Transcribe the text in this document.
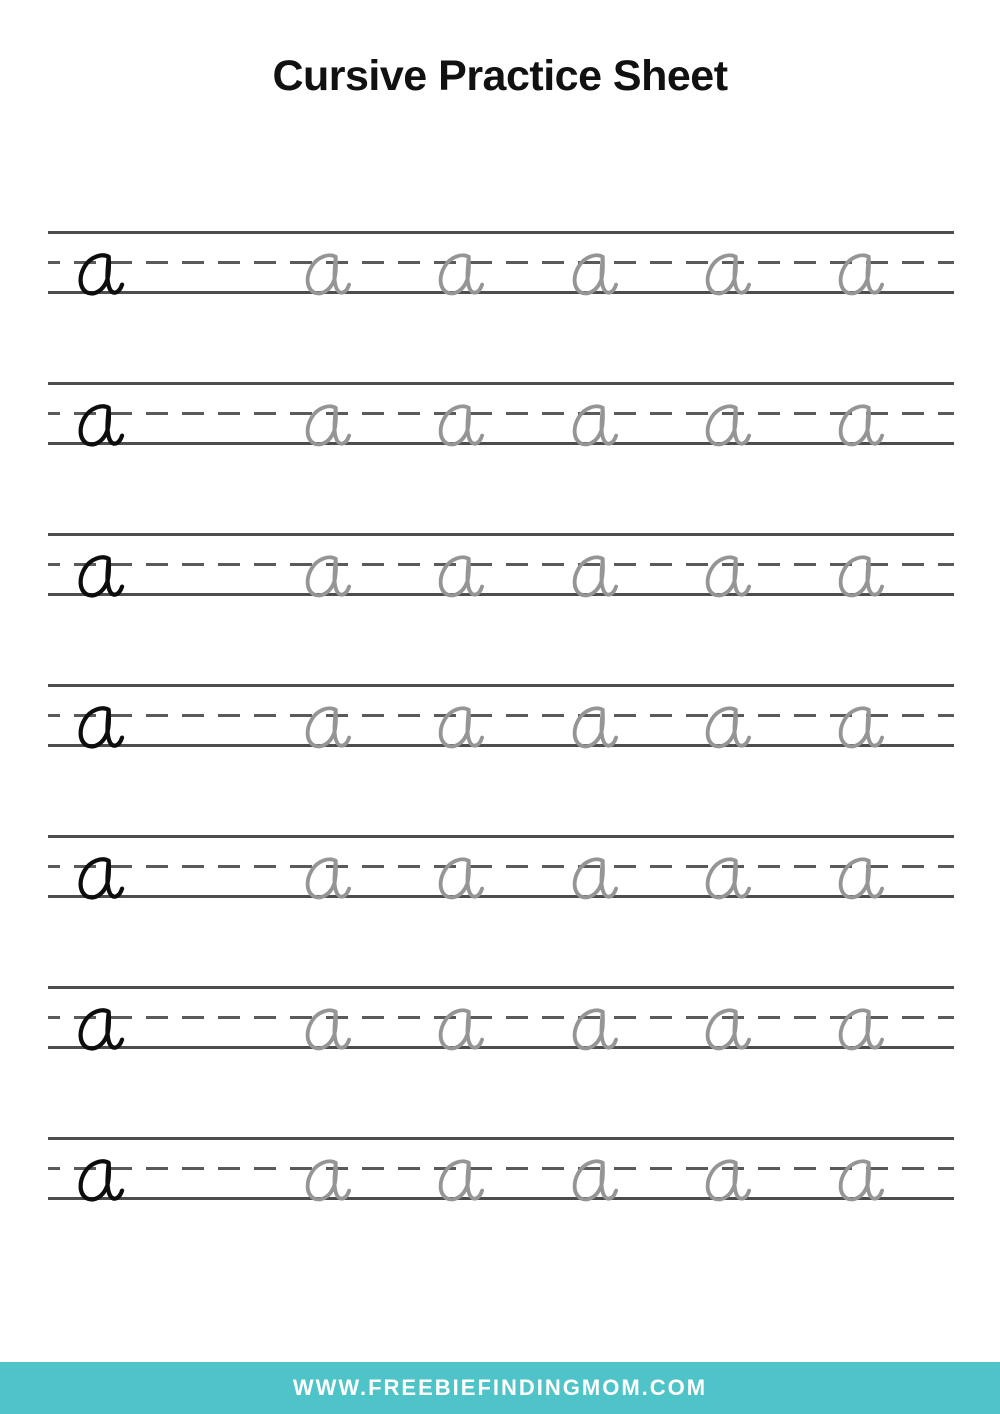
Cursive Practice Sheet
WWW.FREEBIEFINDINGMOM.COM
